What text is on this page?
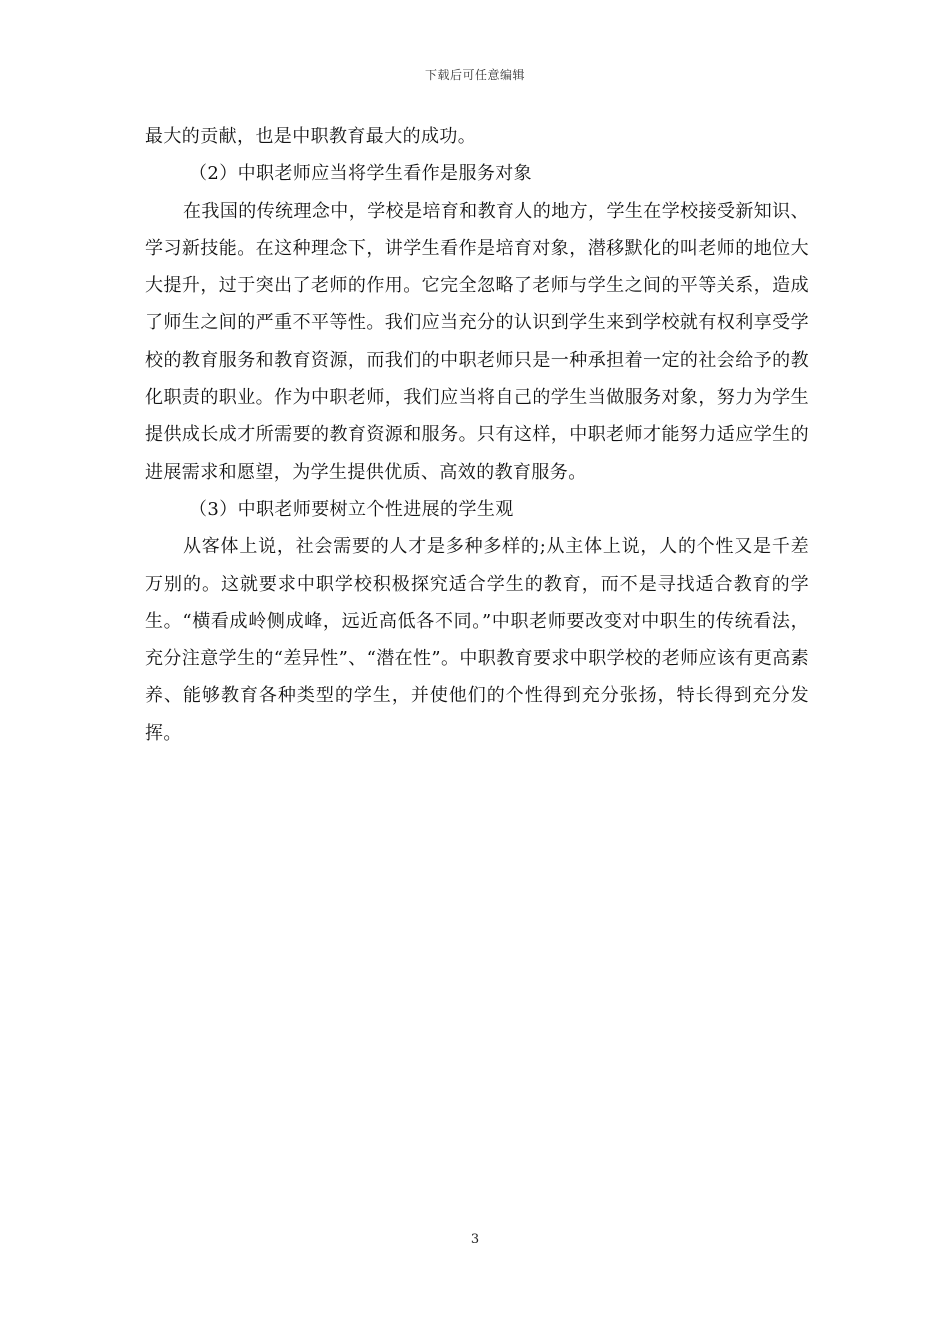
下载后可任意编辑

最大的贡献，也是中职教育最大的成功。

（2）中职老师应当将学生看作是服务对象

在我国的传统理念中，学校是培育和教育人的地方，学生在学校接受新知识、学习新技能。在这种理念下，讲学生看作是培育对象，潜移默化的叫老师的地位大大提升，过于突出了老师的作用。它完全忽略了老师与学生之间的平等关系，造成了师生之间的严重不平等性。我们应当充分的认识到学生来到学校就有权利享受学校的教育服务和教育资源，而我们的中职老师只是一种承担着一定的社会给予的教化职责的职业。作为中职老师，我们应当将自己的学生当做服务对象，努力为学生提供成长成才所需要的教育资源和服务。只有这样，中职老师才能努力适应学生的进展需求和愿望，为学生提供优质、高效的教育服务。

（3）中职老师要树立个性进展的学生观

从客体上说，社会需要的人才是多种多样的;从主体上说，人的个性又是千差万别的。这就要求中职学校积极探究适合学生的教育，而不是寻找适合教育的学生。“横看成岭侧成峰，远近高低各不同。”中职老师要改变对中职生的传统看法，充分注意学生的“差异性”、“潜在性”。中职教育要求中职学校的老师应该有更高素养、能够教育各种类型的学生，并使他们的个性得到充分张扬，特长得到充分发挥。

3
